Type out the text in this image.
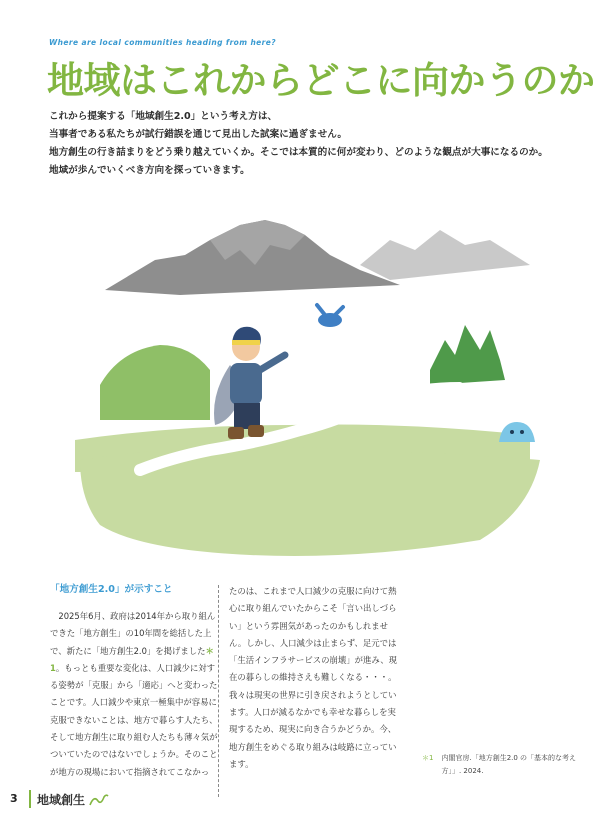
Where are local communities heading from here?
地域はこれからどこに向かうのか

これから提案する「地域創生2.0」という考え方は、

当事者である私たちが試行錯誤を通じて見出した試案に過ぎません。

地方創生の行き詰まりをどう乗り越えていくか。そこでは本質的に何が変わり、どのような観点が大事になるのか。

地域が歩んでいくべき方向を探っていきます。

「地方創生2.0」が示すこと

2025年6月、政府は2014年から取り組んできた「地方創生」の10年間を総括した上で、新たに「地方創生2.0」を掲げました＊1。もっとも重要な変化は、人口減少に対する姿勢が「克服」から「適応」へと変わったことです。人口減少や東京一極集中が容易に克服できないことは、地方で暮らす人たち、そして地方創生に取り組む人たちも薄々気がついていたのではないでしょうか。そのことが地方の現場において指摘されてこなかっ

たのは、これまで人口減少の克服に向けて熱心に取り組んでいたからこそ「言い出しづらい」という雰囲気があったのかもしれません。しかし、人口減少は止まらず、足元では「生活インフラサービスの崩壊」が進み、現在の暮らしの維持さえも難しくなる・・・。我々は現実の世界に引き戻されようとしています。人口が減るなかでも幸せな暮らしを実現するため、現実に向き合うかどうか。今、地方創生をめぐる取り組みは岐路に立っています。

＊1 内閣官房.「地方創生2.0 の「基本的な考え方」」. 2024.
3 地域創生
